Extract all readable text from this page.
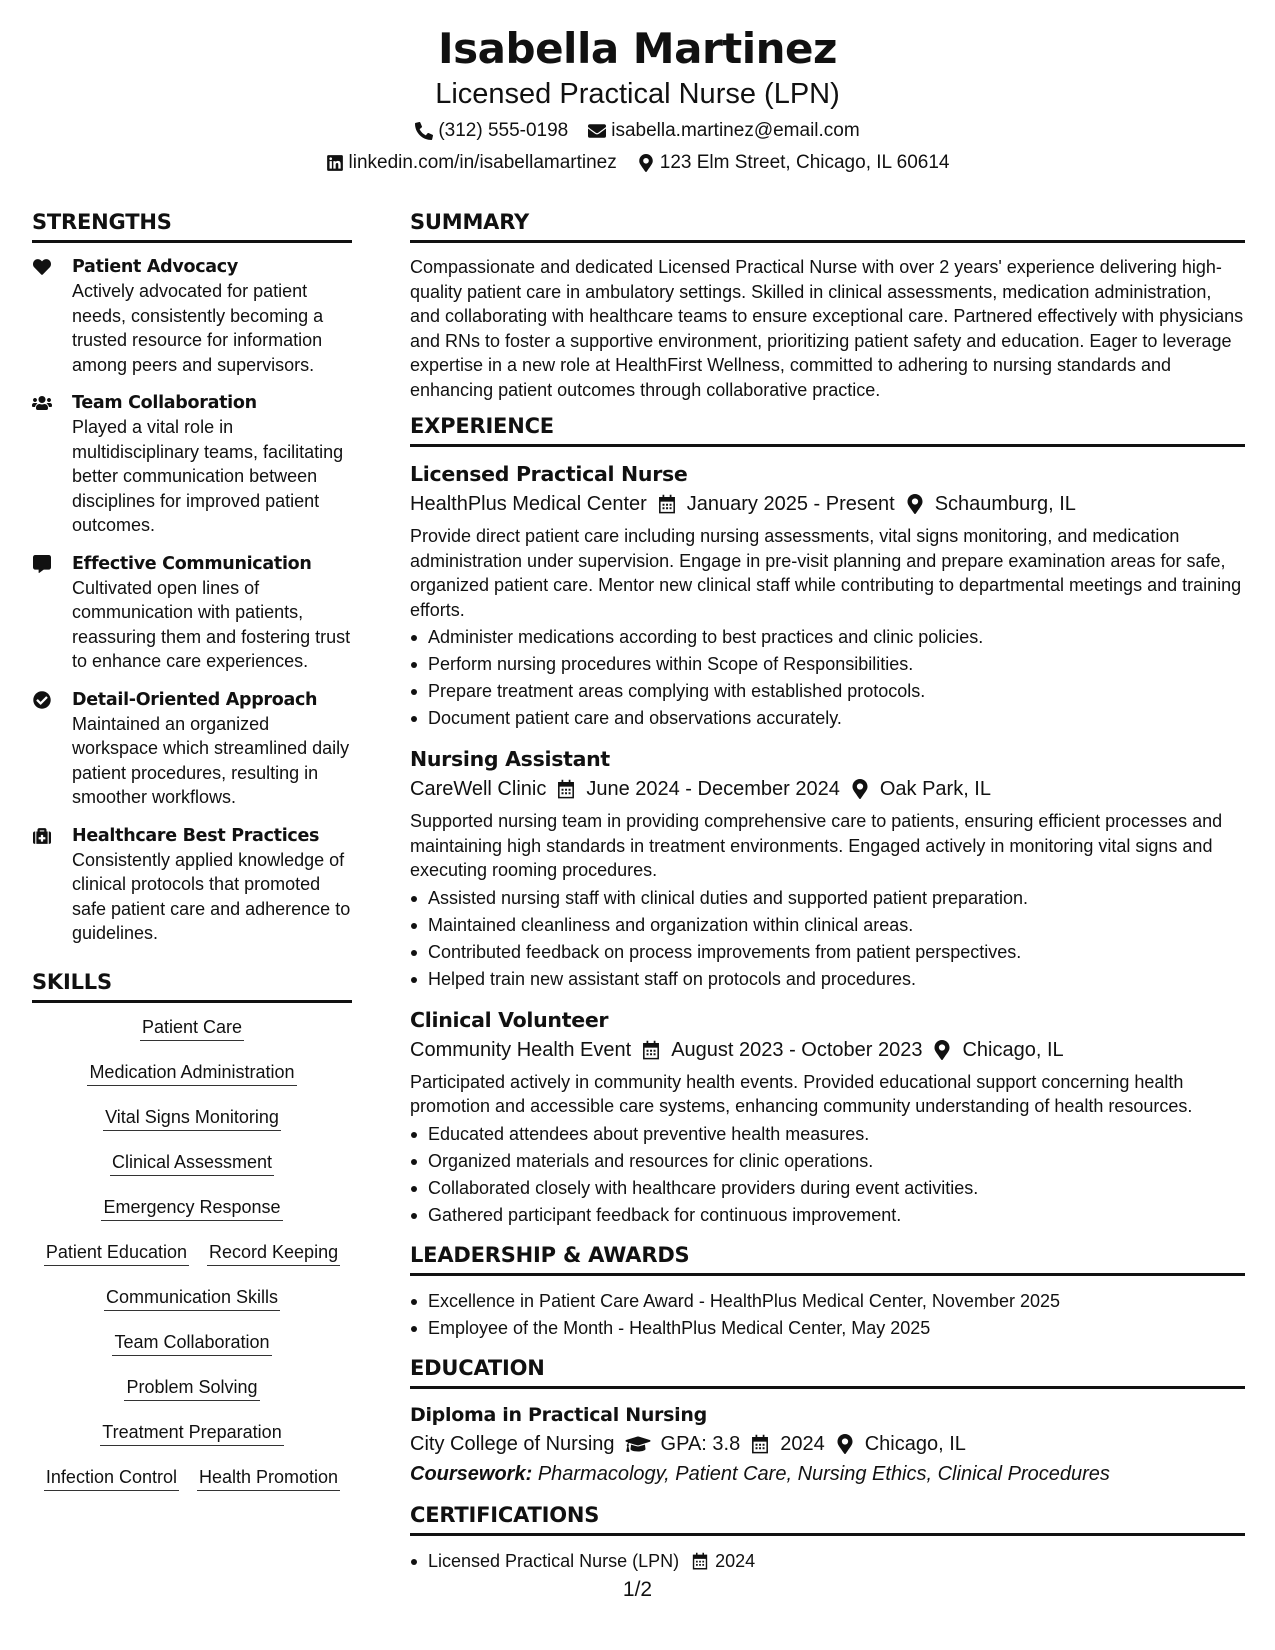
Isabella Martinez
Licensed Practical Nurse (LPN)
(312) 555-0198 isabella.martinez@email.com
linkedin.com/in/isabellamartinez 123 Elm Street, Chicago, IL 60614
STRENGTHS
Patient Advocacy
Actively advocated for patient needs, consistently becoming a trusted resource for information among peers and supervisors.
Team Collaboration
Played a vital role in multidisciplinary teams, facilitating better communication between disciplines for improved patient outcomes.
Effective Communication
Cultivated open lines of communication with patients, reassuring them and fostering trust to enhance care experiences.
Detail-Oriented Approach
Maintained an organized workspace which streamlined daily patient procedures, resulting in smoother workflows.
Healthcare Best Practices
Consistently applied knowledge of clinical protocols that promoted safe patient care and adherence to guidelines.
SKILLS
Patient Care
Medication Administration
Vital Signs Monitoring
Clinical Assessment
Emergency Response
Patient Education Record Keeping
Communication Skills
Team Collaboration
Problem Solving
Treatment Preparation
Infection Control Health Promotion
SUMMARY
Compassionate and dedicated Licensed Practical Nurse with over 2 years' experience delivering high-quality patient care in ambulatory settings. Skilled in clinical assessments, medication administration, and collaborating with healthcare teams to ensure exceptional care. Partnered effectively with physicians and RNs to foster a supportive environment, prioritizing patient safety and education. Eager to leverage expertise in a new role at HealthFirst Wellness, committed to adhering to nursing standards and enhancing patient outcomes through collaborative practice.
EXPERIENCE
Licensed Practical Nurse
HealthPlus Medical Center January 2025 - Present Schaumburg, IL
Provide direct patient care including nursing assessments, vital signs monitoring, and medication administration under supervision. Engage in pre-visit planning and prepare examination areas for safe, organized patient care. Mentor new clinical staff while contributing to departmental meetings and training efforts.
Administer medications according to best practices and clinic policies.
Perform nursing procedures within Scope of Responsibilities.
Prepare treatment areas complying with established protocols.
Document patient care and observations accurately.
Nursing Assistant
CareWell Clinic June 2024 - December 2024 Oak Park, IL
Supported nursing team in providing comprehensive care to patients, ensuring efficient processes and maintaining high standards in treatment environments. Engaged actively in monitoring vital signs and executing rooming procedures.
Assisted nursing staff with clinical duties and supported patient preparation.
Maintained cleanliness and organization within clinical areas.
Contributed feedback on process improvements from patient perspectives.
Helped train new assistant staff on protocols and procedures.
Clinical Volunteer
Community Health Event August 2023 - October 2023 Chicago, IL
Participated actively in community health events. Provided educational support concerning health promotion and accessible care systems, enhancing community understanding of health resources.
Educated attendees about preventive health measures.
Organized materials and resources for clinic operations.
Collaborated closely with healthcare providers during event activities.
Gathered participant feedback for continuous improvement.
LEADERSHIP & AWARDS
Excellence in Patient Care Award - HealthPlus Medical Center, November 2025
Employee of the Month - HealthPlus Medical Center, May 2025
EDUCATION
Diploma in Practical Nursing
City College of Nursing GPA: 3.8 2024 Chicago, IL
Coursework: Pharmacology, Patient Care, Nursing Ethics, Clinical Procedures
CERTIFICATIONS
Licensed Practical Nurse (LPN) 2024
1/2
